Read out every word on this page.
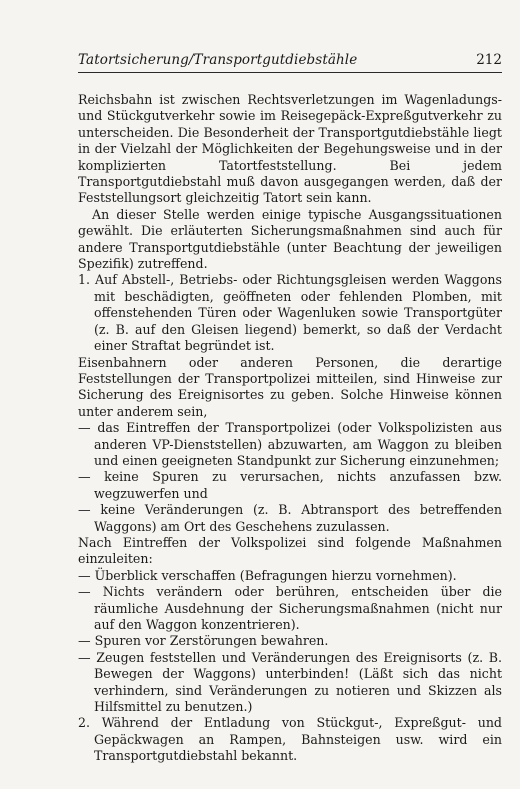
Tatortsicherung/Transportgutdiebstähle	212

Reichsbahn ist zwischen Rechtsverletzungen im Wagenladungs- und Stückgutverkehr sowie im Reisegepäck-Expreßgutverkehr zu unterscheiden. Die Besonderheit der Transportgutdiebstähle liegt in der Vielzahl der Möglichkeiten der Begehungsweise und in der komplizierten Tatortfeststellung. Bei jedem Transportgutdiebstahl muß davon ausgegangen werden, daß der Feststellungsort gleichzeitig Tatort sein kann.

An dieser Stelle werden einige typische Ausgangssituationen gewählt. Die erläuterten Sicherungsmaßnahmen sind auch für andere Transportgutdiebstähle (unter Beachtung der jeweiligen Spezifik) zutreffend.

1. Auf Abstell-, Betriebs- oder Richtungsgleisen werden Waggons mit beschädigten, geöffneten oder fehlenden Plomben, mit offenstehenden Türen oder Wagenluken sowie Transportgüter (z. B. auf den Gleisen liegend) bemerkt, so daß der Verdacht einer Straftat begründet ist.

Eisenbahnern oder anderen Personen, die derartige Feststellungen der Transportpolizei mitteilen, sind Hinweise zur Sicherung des Ereignisortes zu geben. Solche Hinweise können unter anderem sein,

— das Eintreffen der Transportpolizei (oder Volkspolizisten aus anderen VP-Dienststellen) abzuwarten, am Waggon zu bleiben und einen geeigneten Standpunkt zur Sicherung einzunehmen;

— keine Spuren zu verursachen, nichts anzufassen bzw. wegzuwerfen und

— keine Veränderungen (z. B. Abtransport des betreffenden Waggons) am Ort des Geschehens zuzulassen.

Nach Eintreffen der Volkspolizei sind folgende Maßnahmen einzuleiten:

— Überblick verschaffen (Befragungen hierzu vornehmen).

— Nichts verändern oder berühren, entscheiden über die räumliche Ausdehnung der Sicherungsmaßnahmen (nicht nur auf den Waggon konzentrieren).

— Spuren vor Zerstörungen bewahren.

— Zeugen feststellen und Veränderungen des Ereignisorts (z. B. Bewegen der Waggons) unterbinden! (Läßt sich das nicht verhindern, sind Veränderungen zu notieren und Skizzen als Hilfsmittel zu benutzen.)

2. Während der Entladung von Stückgut-, Expreßgut- und Gepäckwagen an Rampen, Bahnsteigen usw. wird ein Transportgutdiebstahl bekannt.
